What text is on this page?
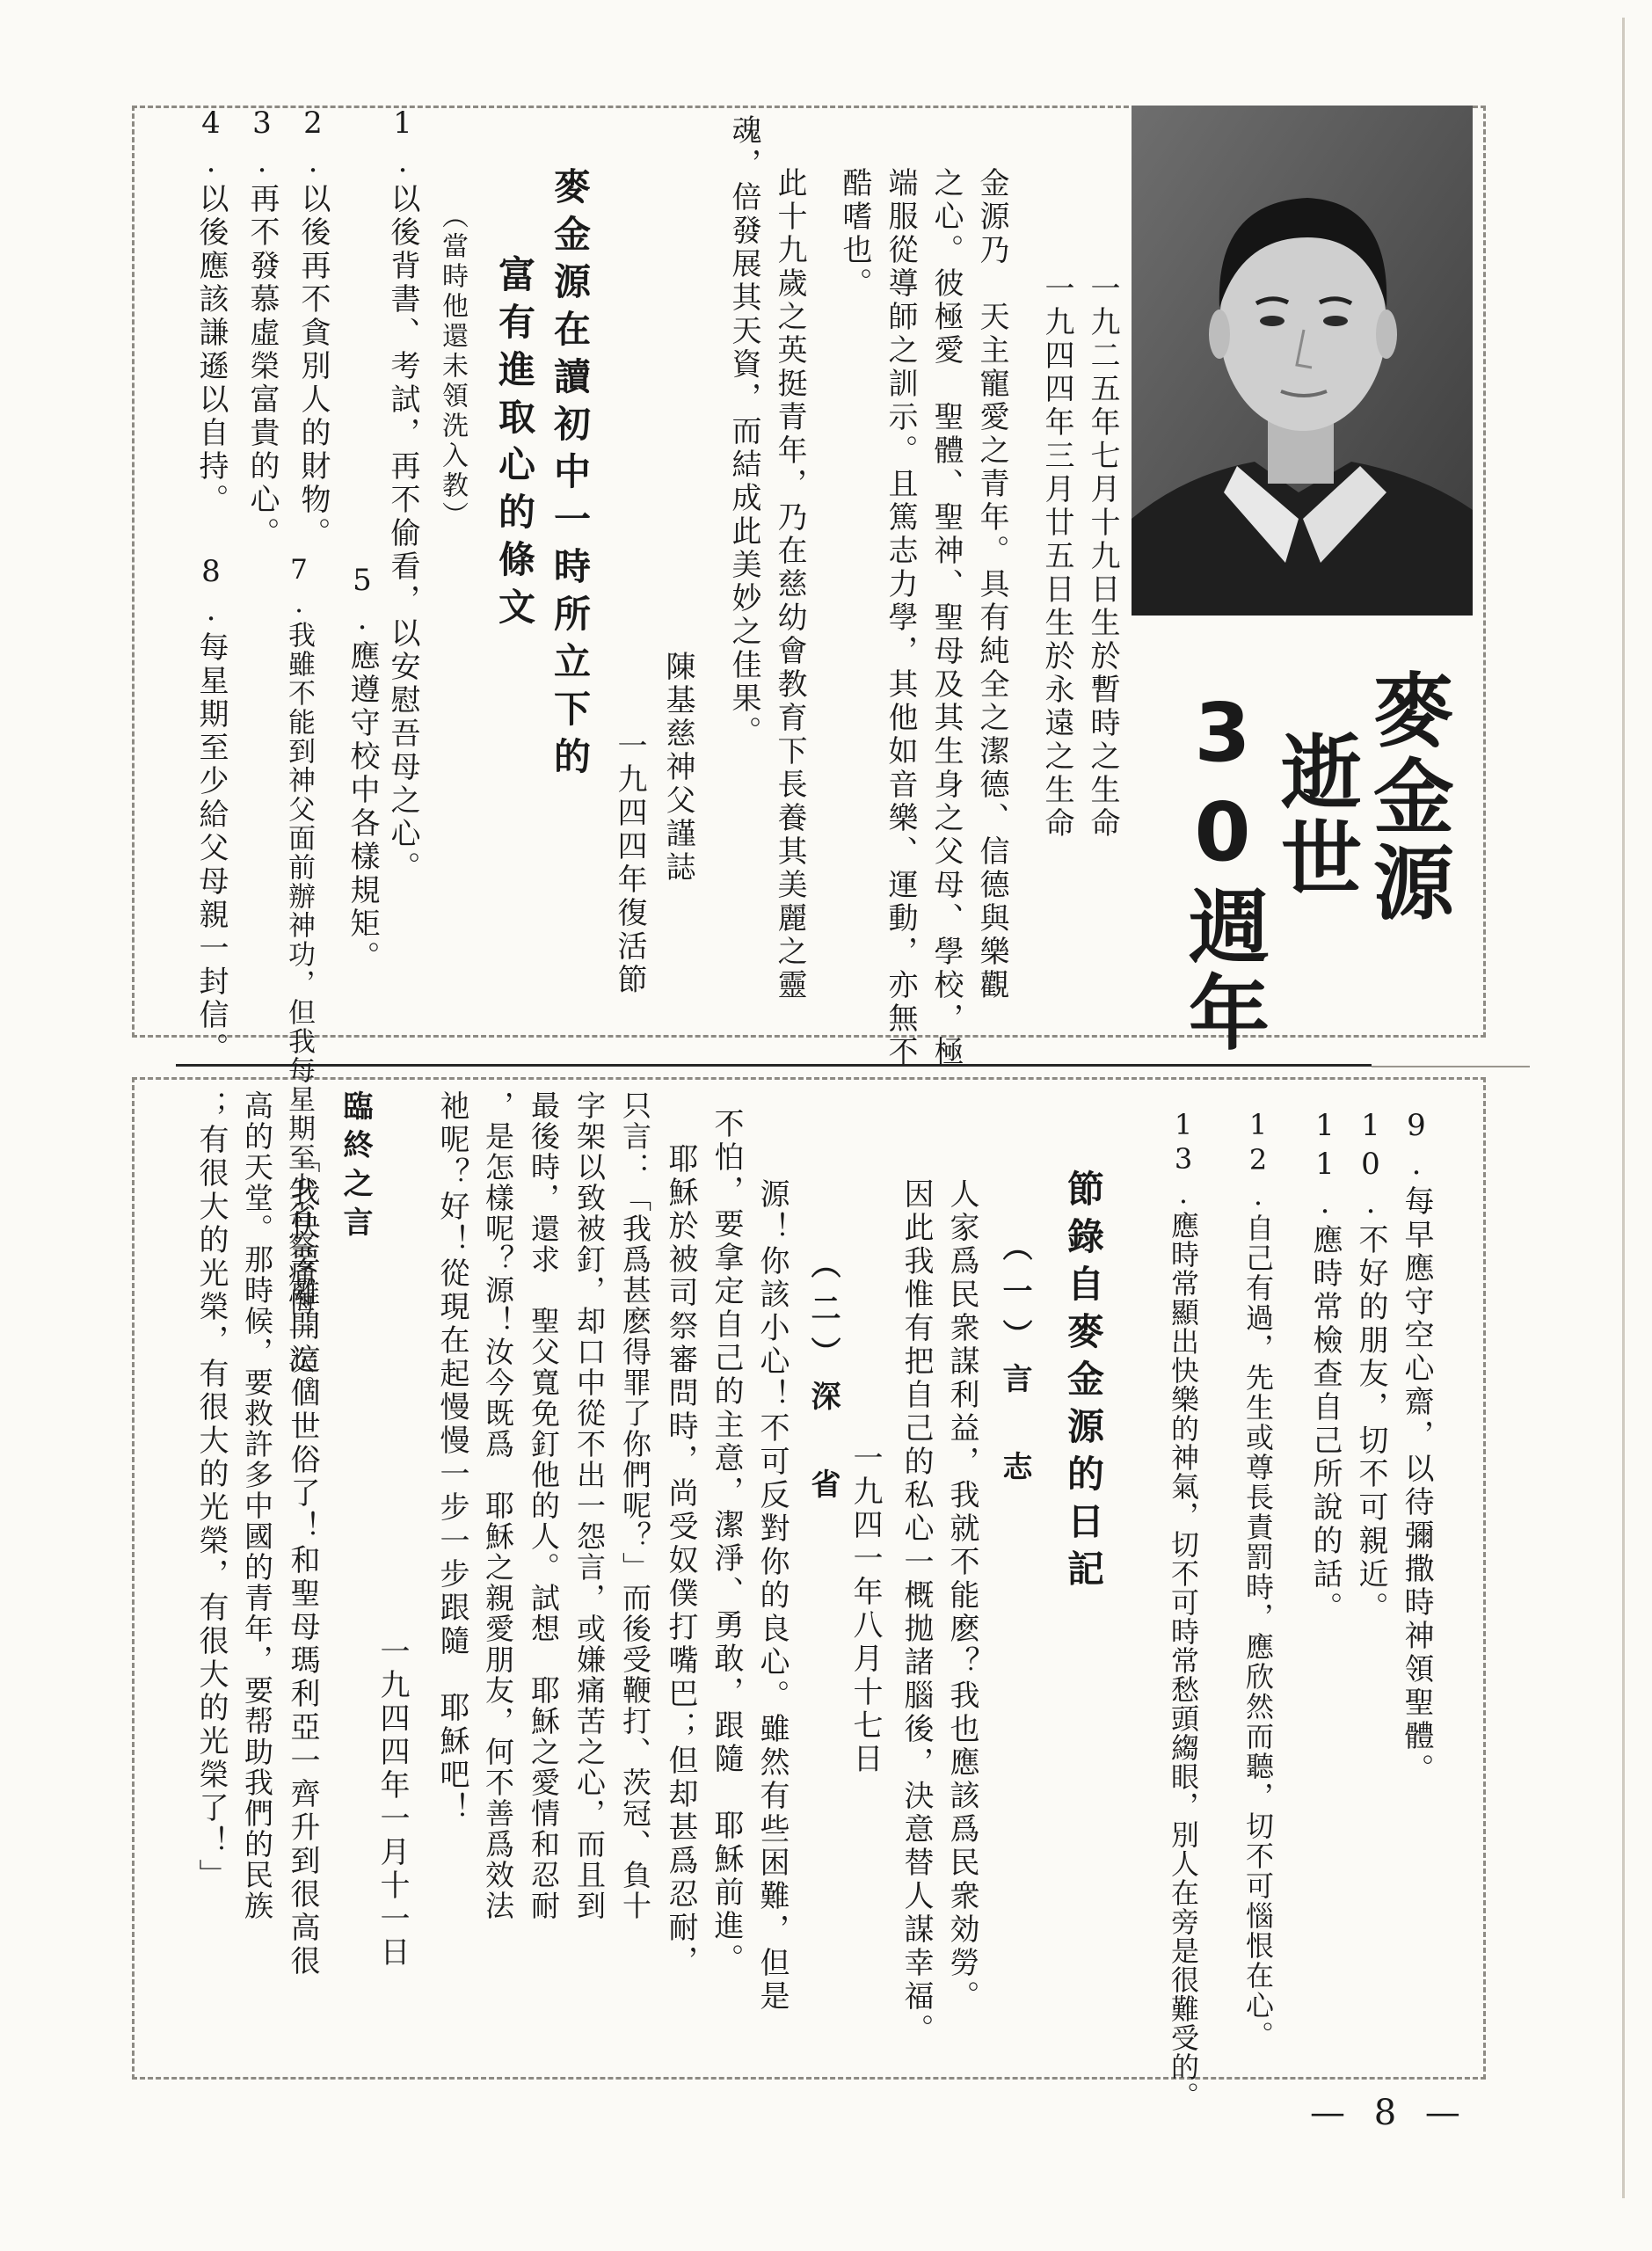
麥金源
逝世
30週年
一九二五年七月十九日生於暫時之生命
一九四四年三月廿五日生於永遠之生命
金源乃　天主寵愛之青年。具有純全之潔德、信德與樂觀
之心。彼極愛　聖體、聖神、聖母及其生身之父母、學校，極
端服從導師之訓示。且篤志力學，其他如音樂、運動，亦無不
酷嗜也。
此十九歲之英挺青年，乃在慈幼會教育下長養其美麗之靈
魂，倍發展其天資，而結成此美妙之佳果。
一九四四年復活節 陳基慈神父謹誌
麥金源在讀初中一時所立下的
富有進取心的條文
（當時他還未領洗入教）
1.以後背書、考試，再不偷看，以安慰吾母之心。
5.應遵守校中各樣規矩。
2.以後再不貪別人的財物。
3.再不發慕虛榮富貴的心。
7.我雖不能到神父面前辦神功，但我每星期至少省察痛悔一次。
4.以後應該謙遜以自持。
8.每星期至少給父母親一封信。
9.每早應守空心齋，以待彌撒時神領聖體。
10.不好的朋友，切不可親近。
11.應時常檢查自己所說的話。
12.自己有過，先生或尊長責罰時，應欣然而聽，切不可惱恨在心。
13.應時常顯出快樂的神氣，切不可時常愁頭縐眼，別人在旁是很難受的。
節錄自麥金源的日記
（一）言　志
人家爲民衆謀利益，我就不能麽？我也應該爲民衆効勞。
因此我惟有把自己的私心一概拋諸腦後，決意替人謀幸福。
一九四一年八月十七日
（二）深　省
源！你該小心！不可反對你的良心。雖然有些困難，但是
不怕，要拿定自己的主意，潔淨、勇敢，跟隨　耶穌前進。
耶穌於被司祭審問時，尚受奴僕打嘴巴；但却甚爲忍耐，
只言：「我爲甚麽得罪了你們呢？」而後受鞭打、茨冠、負十
字架以致被釘，却口中從不出一怨言，或嫌痛苦之心，而且到
最後時，還求　聖父寬免釘他的人。試想　耶穌之愛情和忍耐
，是怎樣呢？源！汝今既爲　耶穌之親愛朋友，何不善爲效法
祂呢？好！從現在起慢慢一步一步跟隨　耶穌吧！
一九四四年一月十一日
臨終之言
「我快要離開這個世俗了！和聖母瑪利亞一齊升到很高很
高的天堂。那時候，要救許多中國的青年，要帮助我們的民族
；有很大的光榮，有很大的光榮，有很大的光榮了！」
— 8 —
